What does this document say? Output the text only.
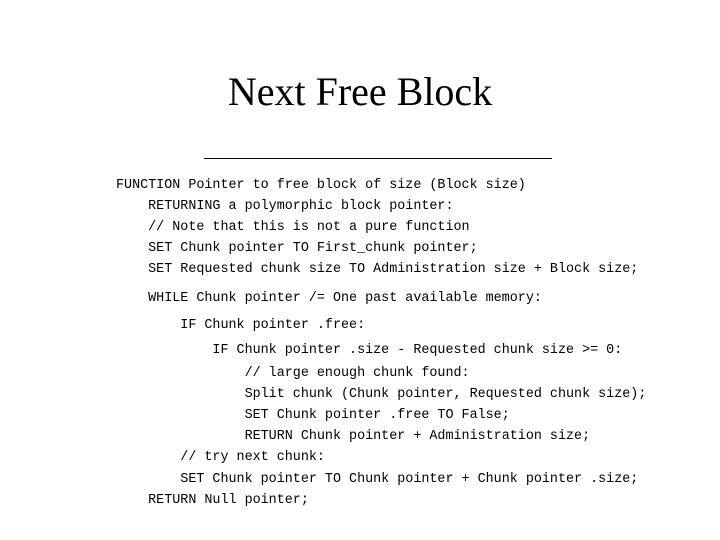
Next Free Block
FUNCTION Pointer to free block of size (Block size)
RETURNING a polymorphic block pointer:
// Note that this is not a pure function
SET Chunk pointer TO First_chunk pointer;
SET Requested chunk size TO Administration size + Block size;
WHILE Chunk pointer /= One past available memory:
IF Chunk pointer .free:
IF Chunk pointer .size - Requested chunk size >= 0:
// large enough chunk found:
Split chunk (Chunk pointer, Requested chunk size);
SET Chunk pointer .free TO False;
RETURN Chunk pointer + Administration size;
// try next chunk:
SET Chunk pointer TO Chunk pointer + Chunk pointer .size;
RETURN Null pointer;
